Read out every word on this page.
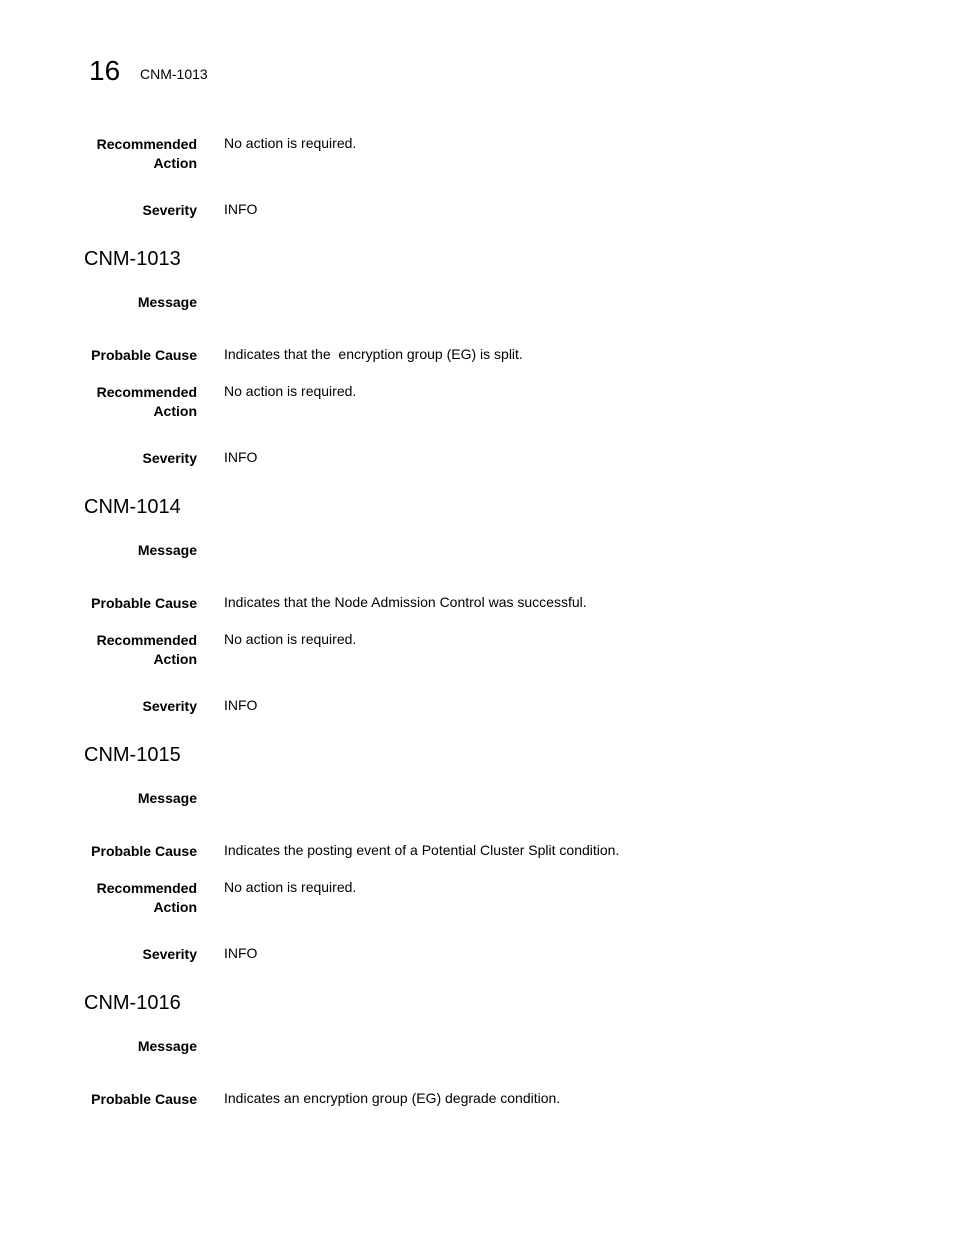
16 CNM-1013
Recommended
Action
No action is required.
Severity INFO
CNM-1013
Message
Probable Cause Indicates that the  encryption group (EG) is split.
Recommended
Action
No action is required.
Severity INFO
CNM-1014
Message
Probable Cause Indicates that the Node Admission Control was successful.
Recommended
Action
No action is required.
Severity INFO
CNM-1015
Message
Probable Cause Indicates the posting event of a Potential Cluster Split condition.
Recommended
Action
No action is required.
Severity INFO
CNM-1016
Message
Probable Cause Indicates an encryption group (EG) degrade condition.
